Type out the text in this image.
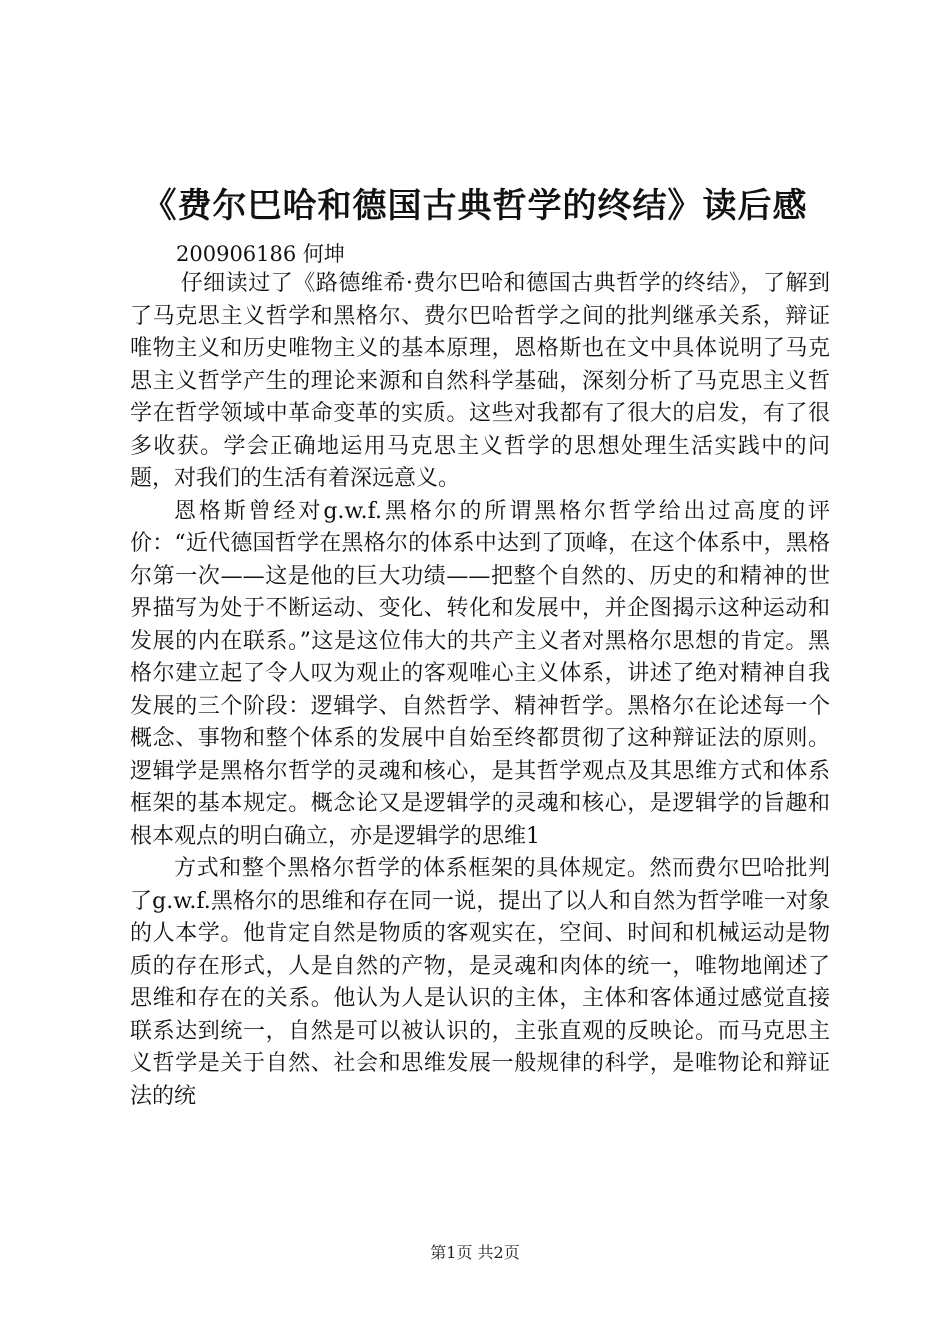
《费尔巴哈和德国古典哲学的终结》读后感
200906186 何坤

仔细读过了《路德维希·费尔巴哈和德国古典哲学的终结》，了解到了马克思主义哲学和黑格尔、费尔巴哈哲学之间的批判继承关系，辩证唯物主义和历史唯物主义的基本原理，恩格斯也在文中具体说明了马克思主义哲学产生的理论来源和自然科学基础，深刻分析了马克思主义哲学在哲学领域中革命变革的实质。这些对我都有了很大的启发，有了很多收获。学会正确地运用马克思主义哲学的思想处理生活实践中的问题，对我们的生活有着深远意义。

恩格斯曾经对g.w.f.黑格尔的所谓黑格尔哲学给出过高度的评价：“近代德国哲学在黑格尔的体系中达到了顶峰，在这个体系中，黑格尔第一次——这是他的巨大功绩——把整个自然的、历史的和精神的世界描写为处于不断运动、变化、转化和发展中，并企图揭示这种运动和发展的内在联系。”这是这位伟大的共产主义者对黑格尔思想的肯定。黑格尔建立起了令人叹为观止的客观唯心主义体系，讲述了绝对精神自我发展的三个阶段：逻辑学、自然哲学、精神哲学。黑格尔在论述每一个概念、事物和整个体系的发展中自始至终都贯彻了这种辩证法的原则。逻辑学是黑格尔哲学的灵魂和核心，是其哲学观点及其思维方式和体系框架的基本规定。概念论又是逻辑学的灵魂和核心，是逻辑学的旨趣和根本观点的明白确立，亦是逻辑学的思维1

方式和整个黑格尔哲学的体系框架的具体规定。然而费尔巴哈批判了g.w.f.黑格尔的思维和存在同一说，提出了以人和自然为哲学唯一对象的人本学。他肯定自然是物质的客观实在，空间、时间和机械运动是物质的存在形式，人是自然的产物，是灵魂和肉体的统一，唯物地阐述了思维和存在的关系。他认为人是认识的主体，主体和客体通过感觉直接联系达到统一，自然是可以被认识的，主张直观的反映论。而马克思主义哲学是关于自然、社会和思维发展一般规律的科学，是唯物论和辩证法的统

第1页 共2页
